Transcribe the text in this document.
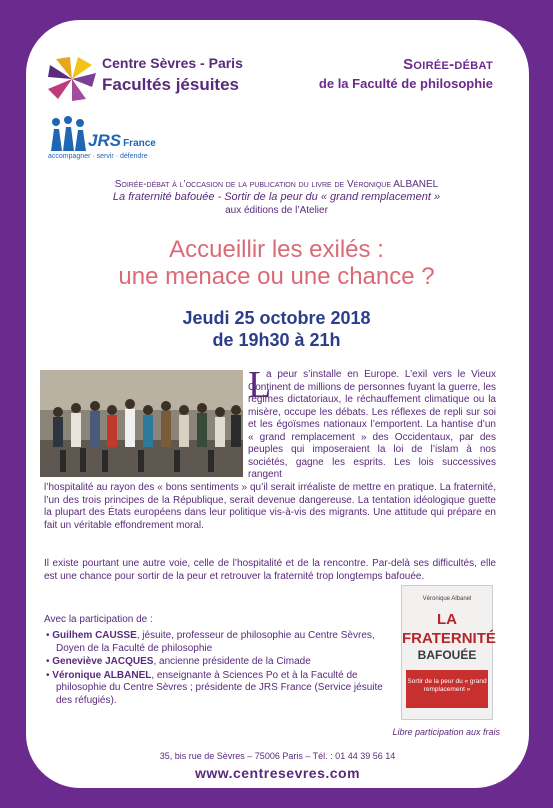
Centre Sèvres - Paris
Facultés jésuites
Soirée-débat
de la Faculté de philosophie
JRS France
accompagner · servir · défendre
Soirée-débat à l’occasion de la publication du livre de Véronique ALBANEL
La fraternité bafouée - Sortir de la peur du « grand remplacement »
aux éditions de l’Atelier
Accueillir les exilés :
une menace ou une chance ?
Jeudi 25 octobre 2018
de 19h30 à 21h
L
a peur s’installe en Europe. L’exil vers le Vieux Continent de millions de personnes fuyant la guerre, les régimes dictatoriaux, le réchauffement climatique ou la misère, occupe les débats. Les réflexes de repli sur soi et les égoïsmes nationaux l’emportent. La hantise d’un « grand remplacement » des Occidentaux, par des peuples qui imposeraient la loi de l’islam à nos sociétés, gagne les esprits. Les lois successives rangent
l’hospitalité au rayon des « bons sentiments » qu’il serait irréaliste de mettre en pratique. La fraternité, l’un des trois principes de la République, serait devenue dangereuse. La tentation idéologique guette la plupart des États européens dans leur politique vis-à-vis des migrants. Une attitude qui prépare en fait un véritable effondrement moral.
Il existe pourtant une autre voie, celle de l’hospitalité et de la rencontre. Par-delà ses difficultés, elle est une chance pour sortir de la peur et retrouver la fraternité trop longtemps bafouée.
Avec la participation de :
• Guilhem CAUSSE, jésuite, professeur de philosophie au Centre Sèvres, Doyen de la Faculté de philosophie
• Geneviève JACQUES, ancienne présidente de la Cimade
• Véronique ALBANEL, enseignante à Sciences Po et à la Faculté de philosophie du Centre Sèvres ; présidente de JRS France (Service jésuite des réfugiés).
Véronique Albanel
LA
FRATERNITÉ
BAFOUÉE
Sortir de la peur du « grand remplacement »
Libre participation aux frais
35, bis rue de Sèvres – 75006 Paris – Tél. : 01 44 39 56 14
www.centresevres.com
